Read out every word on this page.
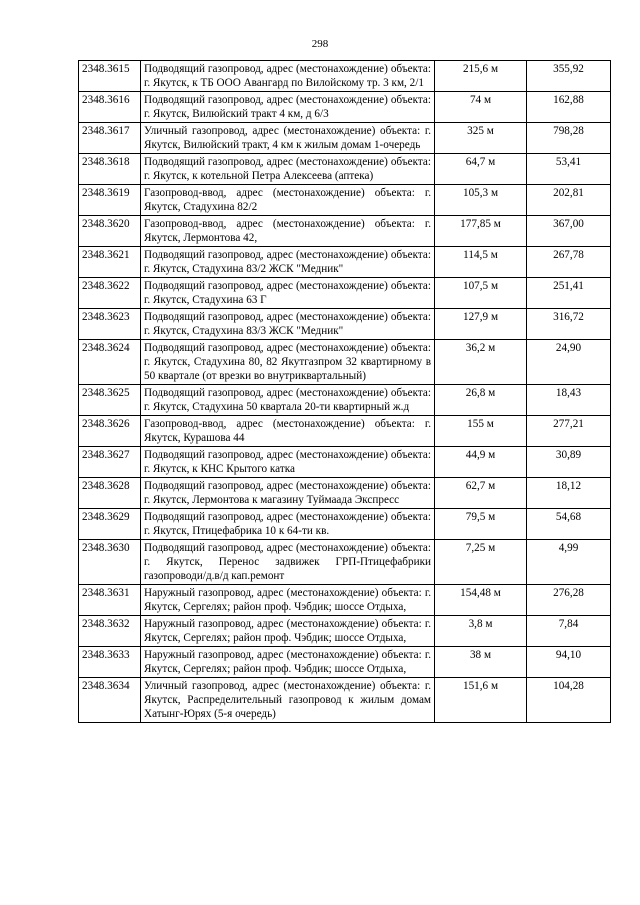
298
2348.3615	Подводящий газопровод, адрес (местонахождение) объекта: г. Якутск, к ТБ ООО Авангард по Вилойскому тр. 3 км, 2/1	215,6 м	355,92
2348.3616	Подводящий газопровод, адрес (местонахождение) объекта: г. Якутск, Вилюйский тракт 4 км, д 6/3	74 м	162,88
2348.3617	Уличный газопровод, адрес (местонахождение) объекта: г. Якутск, Вилюйский тракт, 4 км к жилым домам 1-очередь	325 м	798,28
2348.3618	Подводящий газопровод, адрес (местонахождение) объекта: г. Якутск, к котельной Петра Алексеева (аптека)	64,7 м	53,41
2348.3619	Газопровод-ввод, адрес (местонахождение) объекта: г. Якутск, Стадухина 82/2	105,3 м	202,81
2348.3620	Газопровод-ввод, адрес (местонахождение) объекта: г. Якутск, Лермонтова 42,	177,85 м	367,00
2348.3621	Подводящий газопровод, адрес (местонахождение) объекта: г. Якутск, Стадухина 83/2 ЖСК "Медник"	114,5 м	267,78
2348.3622	Подводящий газопровод, адрес (местонахождение) объекта: г. Якутск, Стадухина 63 Г	107,5 м	251,41
2348.3623	Подводящий газопровод, адрес (местонахождение) объекта: г. Якутск, Стадухина 83/3 ЖСК "Медник"	127,9 м	316,72
2348.3624	Подводящий газопровод, адрес (местонахождение) объекта: г. Якутск, Стадухина 80, 82 Якутгазпром 32 квартирному в 50 квартале (от врезки во внутриквартальный)	36,2 м	24,90
2348.3625	Подводящий газопровод, адрес (местонахождение) объекта: г. Якутск, Стадухина 50 квартала 20-ти квартирный ж.д	26,8 м	18,43
2348.3626	Газопровод-ввод, адрес (местонахождение) объекта: г. Якутск, Курашова 44	155 м	277,21
2348.3627	Подводящий газопровод, адрес (местонахождение) объекта: г. Якутск, к КНС Крытого катка	44,9 м	30,89
2348.3628	Подводящий газопровод, адрес (местонахождение) объекта: г. Якутск, Лермонтова к магазину Туймаада Экспресс	62,7 м	18,12
2348.3629	Подводящий газопровод, адрес (местонахождение) объекта: г. Якутск, Птицефабрика 10 к 64-ти кв.	79,5 м	54,68
2348.3630	Подводящий газопровод, адрес (местонахождение) объекта: г. Якутск, Перенос задвижек ГРП-Птицефабрики газопроводи/д.в/д кап.ремонт	7,25 м	4,99
2348.3631	Наружный газопровод, адрес (местонахождение) объекта: г. Якутск, Сергелях; район проф. Чэбдик; шоссе Отдыха,	154,48 м	276,28
2348.3632	Наружный газопровод, адрес (местонахождение) объекта: г. Якутск, Сергелях; район проф. Чэбдик; шоссе Отдыха,	3,8 м	7,84
2348.3633	Наружный газопровод, адрес (местонахождение) объекта: г. Якутск, Сергелях; район проф. Чэбдик; шоссе Отдыха,	38 м	94,10
2348.3634	Уличный газопровод, адрес (местонахождение) объекта: г. Якутск, Распределительный газопровод к жилым домам Хатынг-Юрях (5-я очередь)	151,6 м	104,28
